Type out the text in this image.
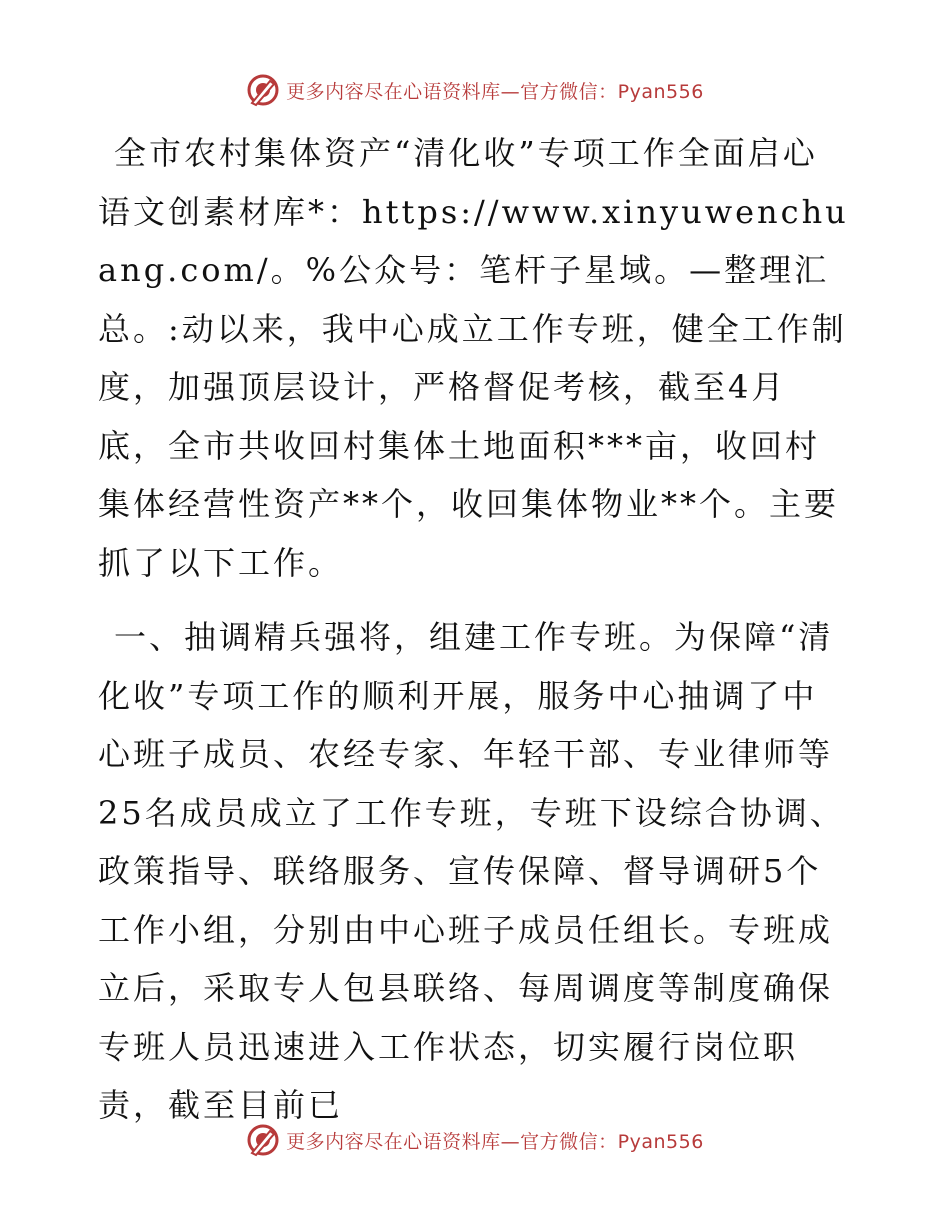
更多内容尽在心语资料库—官方微信：Pyan556

全市农村集体资产“清化收”专项工作全面启心语文创素材库*：https://www.xinyuwenchuang.com/。%公众号：笔杆子星域。—整理汇总。:动以来，我中心成立工作专班，健全工作制度，加强顶层设计，严格督促考核，截至4月底，全市共收回村集体土地面积***亩，收回村集体经营性资产**个，收回集体物业**个。主要抓了以下工作。

一、抽调精兵强将，组建工作专班。为保障“清化收”专项工作的顺利开展，服务中心抽调了中心班子成员、农经专家、年轻干部、专业律师等25名成员成立了工作专班，专班下设综合协调、政策指导、联络服务、宣传保障、督导调研5个工作小组，分别由中心班子成员任组长。专班成立后，采取专人包县联络、每周调度等制度确保专班人员迅速进入工作状态，切实履行岗位职责，截至目前已

更多内容尽在心语资料库—官方微信：Pyan556
